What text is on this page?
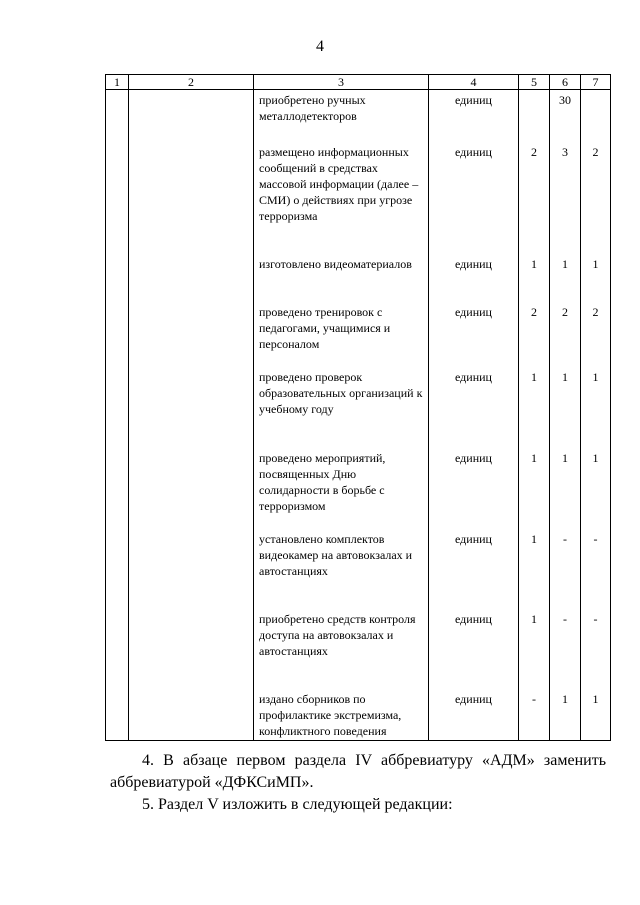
4
1	2	3	4	5	6	7
		приобретено ручных металлодетекторов	единиц		30	
		размещено информационных сообщений в средствах массовой информации (далее – СМИ) о действиях при угрозе терроризма	единиц	2	3	2
		изготовлено видеоматериалов	единиц	1	1	1
		проведено тренировок с педагогами, учащимися и персоналом	единиц	2	2	2
		проведено проверок образовательных организаций к учебному году	единиц	1	1	1
		проведено мероприятий, посвященных Дню солидарности в борьбе с терроризмом	единиц	1	1	1
		установлено комплектов видеокамер на автовокзалах и автостанциях	единиц	1	-	-
		приобретено средств контроля доступа на автовокзалах и автостанциях	единиц	1	-	-
		издано сборников по профилактике экстремизма, конфликтного поведения	единиц	-	1	1

4. В абзаце первом раздела IV аббревиатуру «АДМ» заменить аббревиатурой «ДФКСиМП».

5. Раздел V изложить в следующей редакции:
